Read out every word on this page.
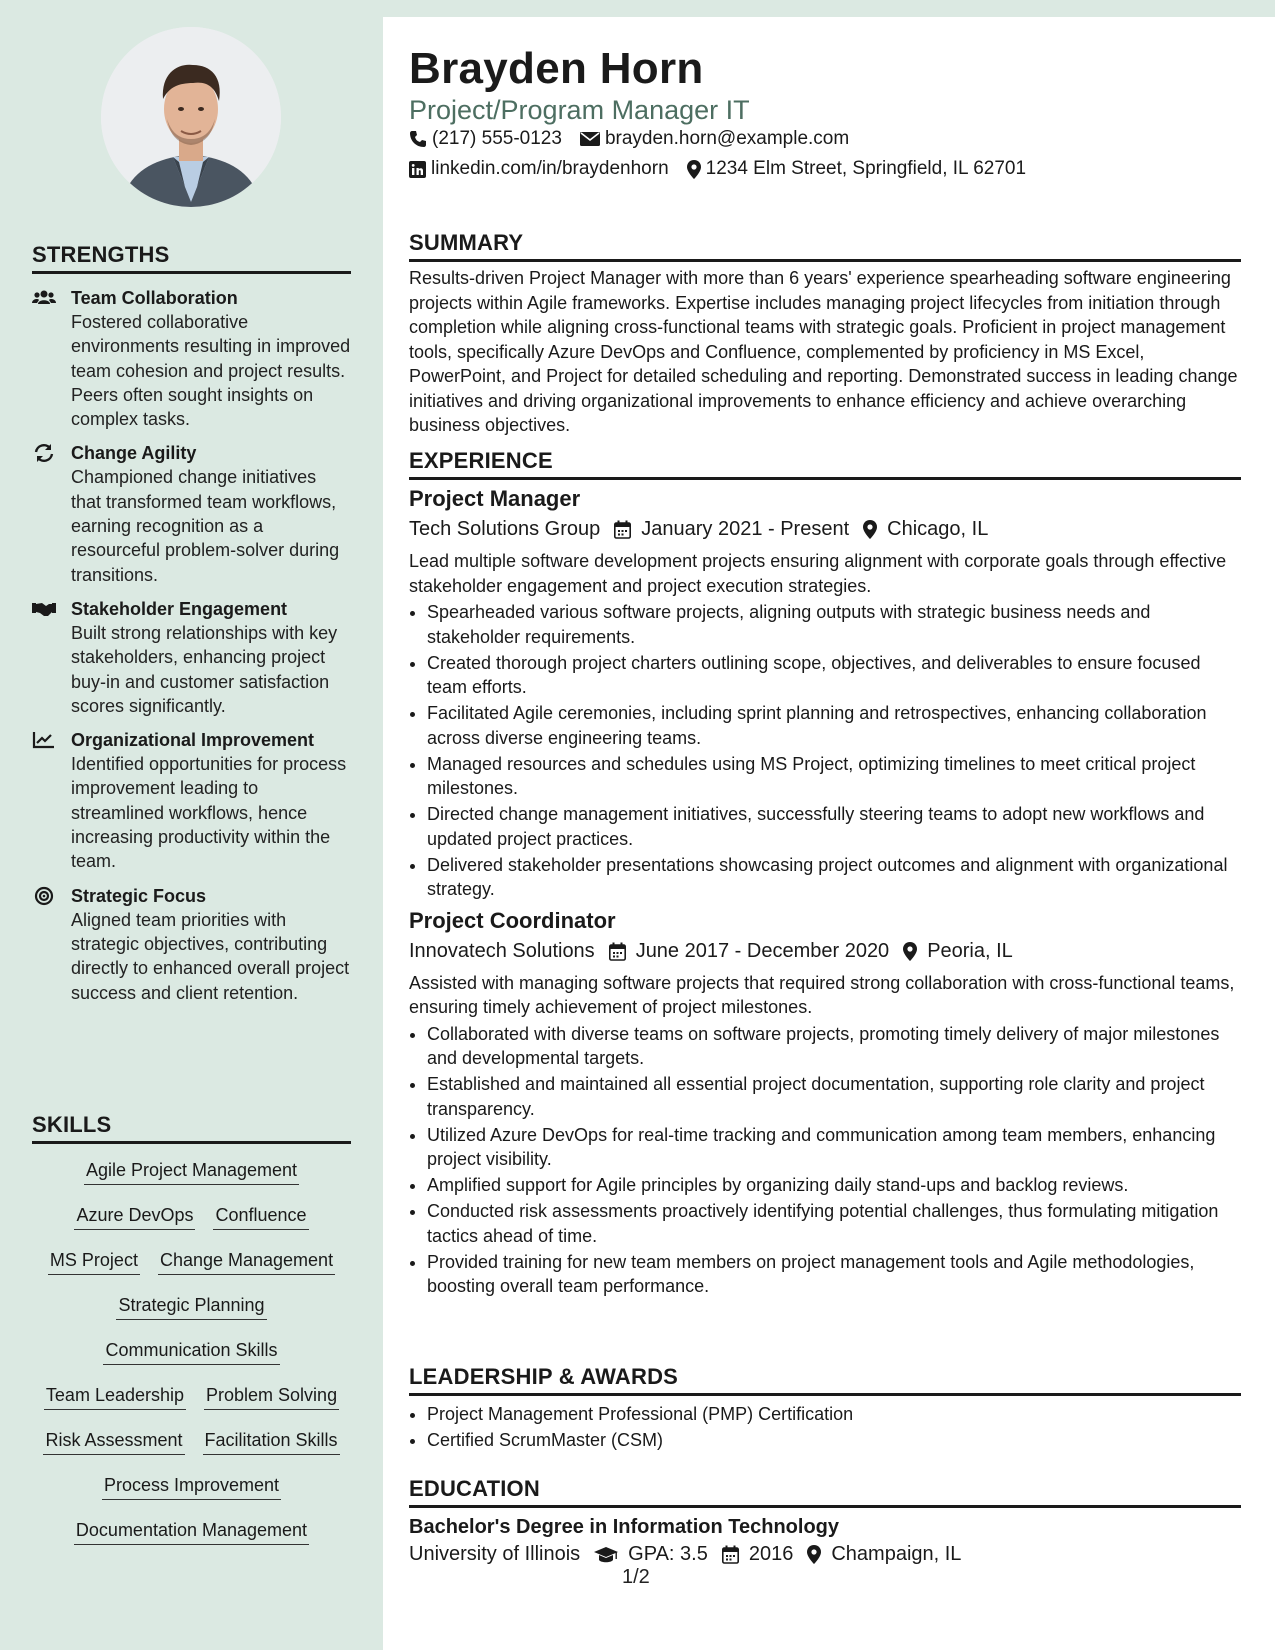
STRENGTHS
Team Collaboration
Fostered collaborative environments resulting in improved team cohesion and project results. Peers often sought insights on complex tasks.
Change Agility
Championed change initiatives that transformed team workflows, earning recognition as a resourceful problem-solver during transitions.
Stakeholder Engagement
Built strong relationships with key stakeholders, enhancing project buy-in and customer satisfaction scores significantly.
Organizational Improvement
Identified opportunities for process improvement leading to streamlined workflows, hence increasing productivity within the team.
Strategic Focus
Aligned team priorities with strategic objectives, contributing directly to enhanced overall project success and client retention.
SKILLS
Agile Project Management
Azure DevOps Confluence
MS Project Change Management
Strategic Planning
Communication Skills
Team Leadership Problem Solving
Risk Assessment Facilitation Skills
Process Improvement
Documentation Management
Brayden Horn
Project/Program Manager IT
(217) 555-0123 brayden.horn@example.com
linkedin.com/in/braydenhorn 1234 Elm Street, Springfield, IL 62701
SUMMARY
Results-driven Project Manager with more than 6 years' experience spearheading software engineering projects within Agile frameworks. Expertise includes managing project lifecycles from initiation through completion while aligning cross-functional teams with strategic goals. Proficient in project management tools, specifically Azure DevOps and Confluence, complemented by proficiency in MS Excel, PowerPoint, and Project for detailed scheduling and reporting. Demonstrated success in leading change initiatives and driving organizational improvements to enhance efficiency and achieve overarching business objectives.
EXPERIENCE
Project Manager
Tech Solutions Group January 2021 - Present Chicago, IL
Lead multiple software development projects ensuring alignment with corporate goals through effective stakeholder engagement and project execution strategies.
• Spearheaded various software projects, aligning outputs with strategic business needs and stakeholder requirements.
• Created thorough project charters outlining scope, objectives, and deliverables to ensure focused team efforts.
• Facilitated Agile ceremonies, including sprint planning and retrospectives, enhancing collaboration across diverse engineering teams.
• Managed resources and schedules using MS Project, optimizing timelines to meet critical project milestones.
• Directed change management initiatives, successfully steering teams to adopt new workflows and updated project practices.
• Delivered stakeholder presentations showcasing project outcomes and alignment with organizational strategy.
Project Coordinator
Innovatech Solutions June 2017 - December 2020 Peoria, IL
Assisted with managing software projects that required strong collaboration with cross-functional teams, ensuring timely achievement of project milestones.
• Collaborated with diverse teams on software projects, promoting timely delivery of major milestones and developmental targets.
• Established and maintained all essential project documentation, supporting role clarity and project transparency.
• Utilized Azure DevOps for real-time tracking and communication among team members, enhancing project visibility.
• Amplified support for Agile principles by organizing daily stand-ups and backlog reviews.
• Conducted risk assessments proactively identifying potential challenges, thus formulating mitigation tactics ahead of time.
• Provided training for new team members on project management tools and Agile methodologies, boosting overall team performance.
LEADERSHIP & AWARDS
• Project Management Professional (PMP) Certification
• Certified ScrumMaster (CSM)
EDUCATION
Bachelor's Degree in Information Technology
University of Illinois GPA: 3.5 2016 Champaign, IL
1/2
